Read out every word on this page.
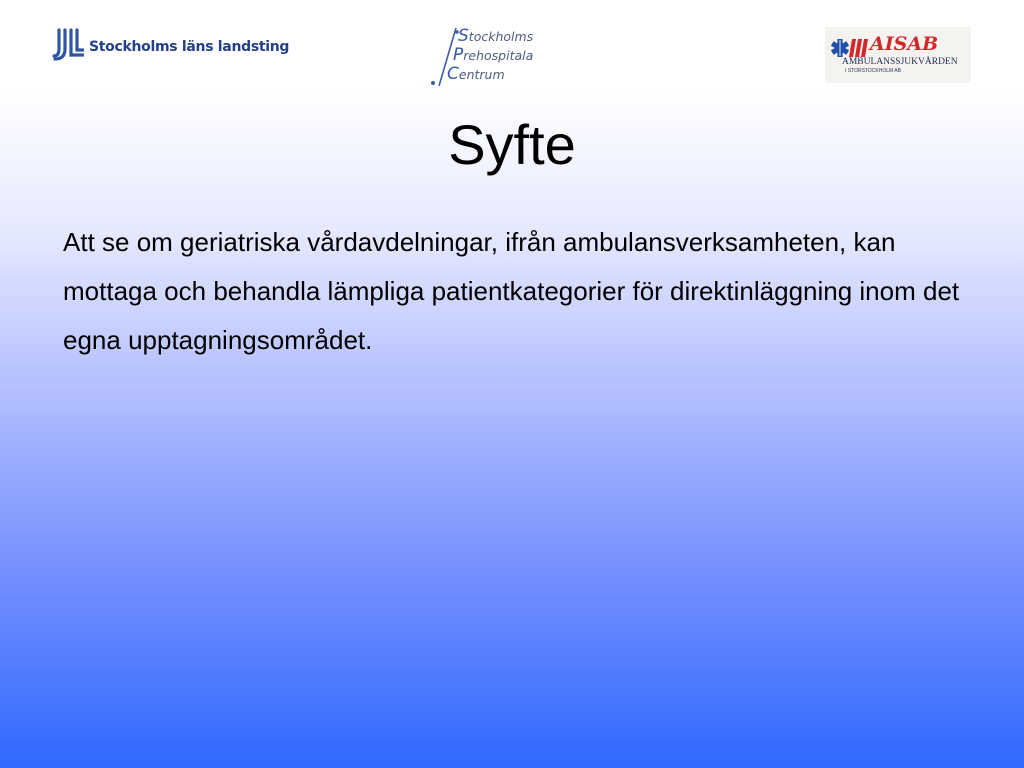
Stockholms läns landsting
Stockholms
Prehospitala
Centrum
AISAB
AMBULANSSJUKVÅRDEN
I STORSTOCKHOLM AB
Syfte

Att se om geriatriska vårdavdelningar, ifrån ambulansverksamheten, kan mottaga och behandla lämpliga patientkategorier för direktinläggning inom det egna upptagningsområdet.
